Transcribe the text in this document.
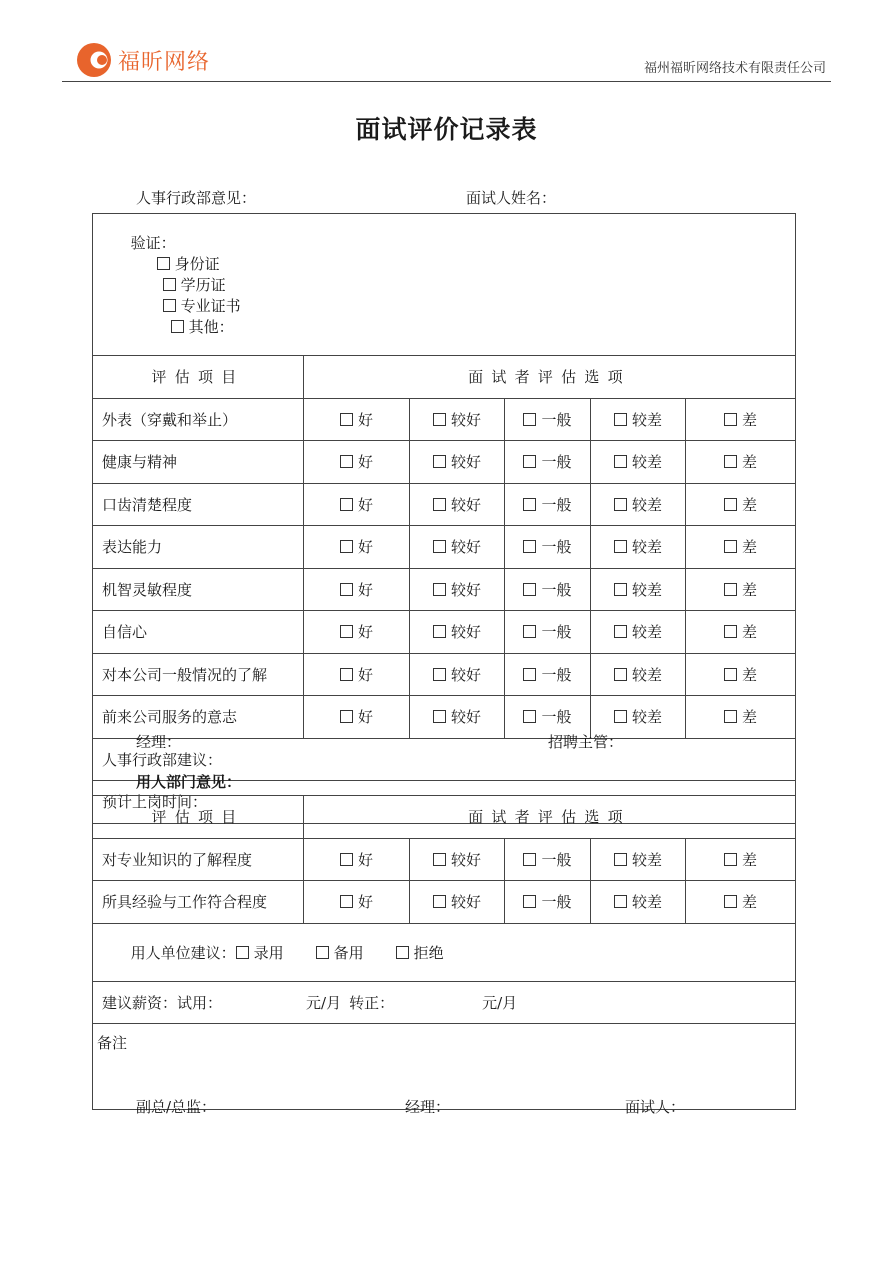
福昕网络	福州福昕网络技术有限责任公司
面试评价记录表
人事行政部意见：	面试人姓名：

验证：
身份证
学历证
专业证书
其他：					

评估项目	面试者评估选项				
外表（穿戴和举止）	好	较好	一般	较差	差
健康与精神	好	较好	一般	较差	差
口齿清楚程度	好	较好	一般	较差	差
表达能力	好	较好	一般	较差	差
机智灵敏程度	好	较好	一般	较差	差
自信心	好	较好	一般	较差	差
对本公司一般情况的了解	好	较好	一般	较差	差
前来公司服务的意志	好	较好	一般	较差	差
人事行政部建议：					
预计上岗时间：					
经理：	招聘主管：
用人部门意见：
评估项目	面试者评估选项				
对专业知识的了解程度	好	较好	一般	较差	差
所具经验与工作符合程度	好	较好	一般	较差	差

用人单位建议： 录用 备用 拒绝					

建议薪资：试用： 元/月 转正： 元/月					
备注					
副总/总监：	经理：	面试人：
